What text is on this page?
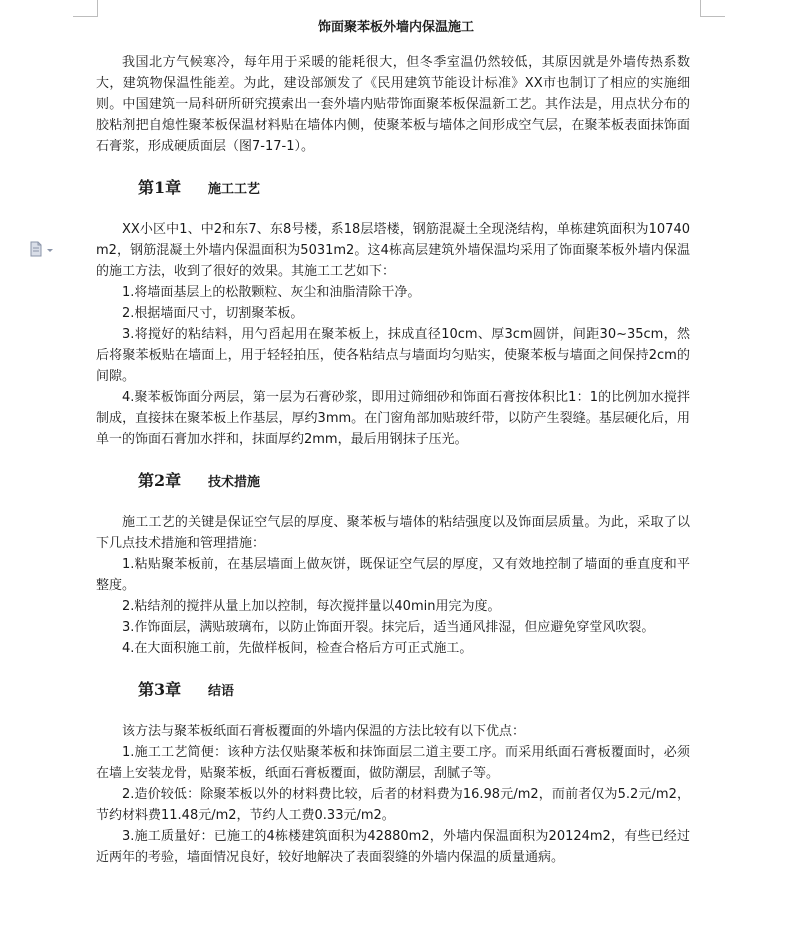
饰面聚苯板外墙内保温施工

我国北方气候寒冷，每年用于采暖的能耗很大，但冬季室温仍然较低，其原因就是外墙传热系数大，建筑物保温性能差。为此，建设部颁发了《民用建筑节能设计标准》XX市也制订了相应的实施细则。中国建筑一局科研所研究摸索出一套外墙内贴带饰面聚苯板保温新工艺。其作法是，用点状分布的胶粘剂把自熄性聚苯板保温材料贴在墙体内侧，使聚苯板与墙体之间形成空气层，在聚苯板表面抹饰面石膏浆，形成硬质面层（图7-17-1）。

第1章	施工工艺

XX小区中1、中2和东7、东8号楼，系18层塔楼，钢筋混凝土全现浇结构，单栋建筑面积为10740m2，钢筋混凝土外墙内保温面积为5031m2。这4栋高层建筑外墙保温均采用了饰面聚苯板外墙内保温的施工方法，收到了很好的效果。其施工工艺如下：

1.将墙面基层上的松散颗粒、灰尘和油脂清除干净。

2.根据墙面尺寸，切割聚苯板。

3.将搅好的粘结料，用勺舀起用在聚苯板上，抹成直径10cm、厚3cm圆饼，间距30~35cm，然后将聚苯板贴在墙面上，用于轻轻拍压，使各粘结点与墙面均匀贴实，使聚苯板与墙面之间保持2cm的间隙。

4.聚苯板饰面分两层，第一层为石膏砂浆，即用过筛细砂和饰面石膏按体积比1：1的比例加水搅拌制成，直接抹在聚苯板上作基层，厚约3mm。在门窗角部加贴玻纤带，以防产生裂缝。基层硬化后，用单一的饰面石膏加水拌和，抹面厚约2mm，最后用钢抹子压光。

第2章	技术措施

施工工艺的关键是保证空气层的厚度、聚苯板与墙体的粘结强度以及饰面层质量。为此，采取了以下几点技术措施和管理措施：

1.粘贴聚苯板前，在基层墙面上做灰饼，既保证空气层的厚度，又有效地控制了墙面的垂直度和平整度。

2.粘结剂的搅拌从量上加以控制，每次搅拌量以40min用完为度。

3.作饰面层，满贴玻璃布，以防止饰面开裂。抹完后，适当通风排湿，但应避免穿堂风吹裂。

4.在大面积施工前，先做样板间，检查合格后方可正式施工。

第3章	结语

该方法与聚苯板纸面石膏板覆面的外墙内保温的方法比较有以下优点：

1.施工工艺简便：该种方法仅贴聚苯板和抹饰面层二道主要工序。而采用纸面石膏板覆面时，必须在墙上安装龙骨，贴聚苯板，纸面石膏板覆面，做防潮层，刮腻子等。

2.造价较低：除聚苯板以外的材料费比较，后者的材料费为16.98元/m2，而前者仅为5.2元/m2，节约材料费11.48元/m2，节约人工费0.33元/m2。

3.施工质量好：已施工的4栋楼建筑面积为42880m2，外墙内保温面积为20124m2，有些已经过近两年的考验，墙面情况良好，较好地解决了表面裂缝的外墙内保温的质量通病。
